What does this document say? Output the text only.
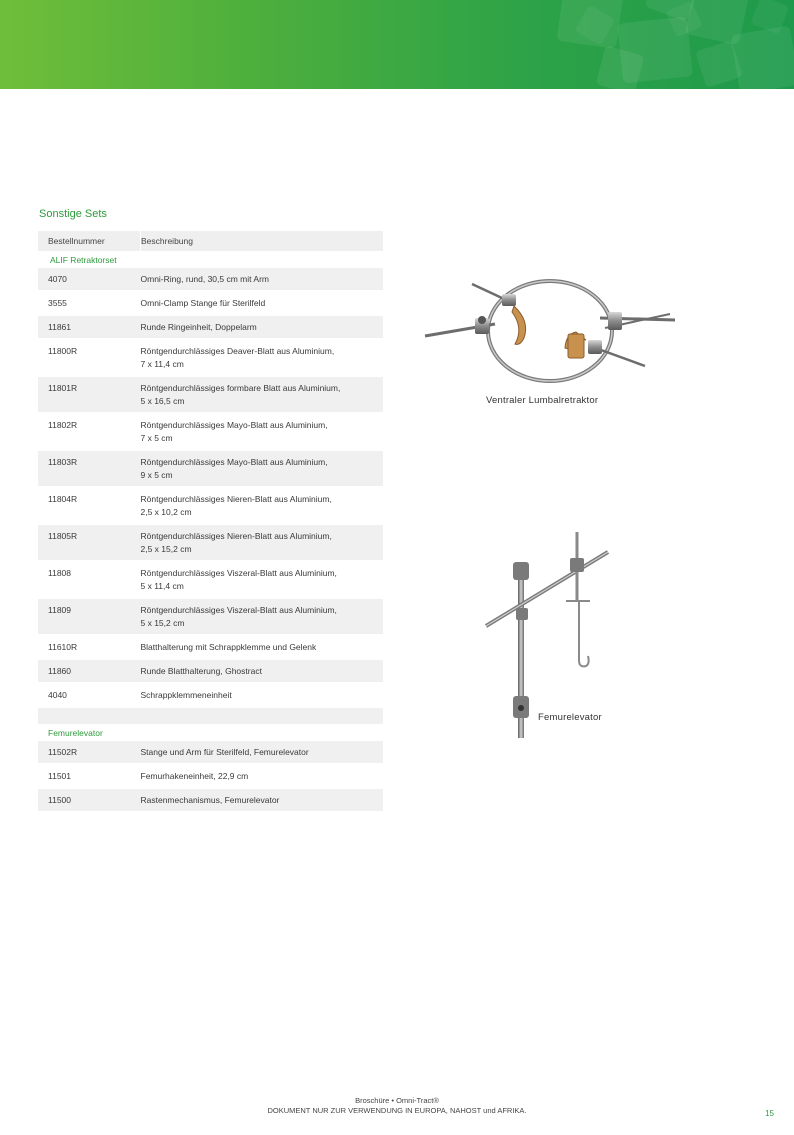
Sonstige Sets
Bestellnummer	Beschreibung
ALIF Retraktorset	
4070	Omni-Ring, rund, 30,5 cm mit Arm
3555	Omni-Clamp Stange für Sterilfeld
11861	Runde Ringeinheit, Doppelarm
11800R	Röntgendurchlässiges Deaver-Blatt aus Aluminium,
7 x 11,4 cm
11801R	Röntgendurchlässiges formbare Blatt aus Aluminium,
5 x 16,5 cm
11802R	Röntgendurchlässiges Mayo-Blatt aus Aluminium,
7 x 5 cm
11803R	Röntgendurchlässiges Mayo-Blatt aus Aluminium,
9 x 5 cm
11804R	Röntgendurchlässiges Nieren-Blatt aus Aluminium,
2,5 x 10,2 cm
11805R	Röntgendurchlässiges Nieren-Blatt aus Aluminium,
2,5 x 15,2 cm
11808	Röntgendurchlässiges Viszeral-Blatt aus Aluminium,
5 x 11,4 cm
11809	Röntgendurchlässiges Viszeral-Blatt aus Aluminium,
5 x 15,2 cm
11610R	Blatthalterung mit Schrappklemme und Gelenk
11860	Runde Blatthalterung, Ghostract
4040	Schrappklemmeneinheit

Femurelevator	
11502R	Stange und Arm für Sterilfeld, Femurelevator
11501	Femurhakeneinheit, 22,9 cm
11500	Rastenmechanismus, Femurelevator
Ventraler Lumbalretraktor
Femurelevator
Broschüre • Omni-Tract®
DOKUMENT NUR ZUR VERWENDUNG IN EUROPA, NAHOST und AFRIKA.	15
